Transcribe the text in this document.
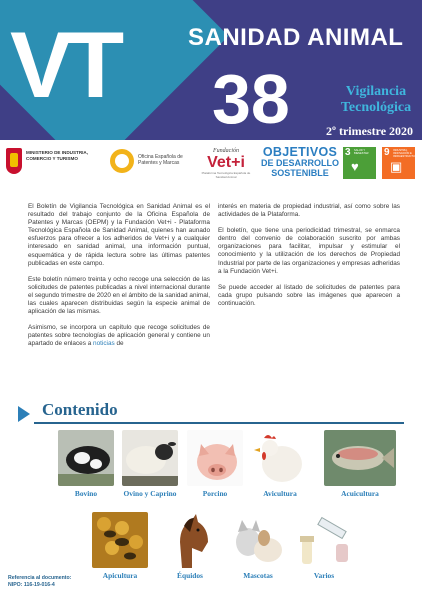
VT	SANIDAD ANIMAL
38	Vigilancia
Tecnológica
2º trimestre 2020
MINISTERIO DE INDUSTRIA, COMERCIO Y TURISMO	Oficina Española de Patentes y Marcas
Fundación
Vet+i
Plataforma Tecnológica Española de Sanidad Animal
OBJETIVOS
DE DESARROLLO
SOSTENIBLE
3 SALUD Y BIENESTAR
♥
9 INDUSTRIA, INNOVACIÓN E INFRAESTRUCTURA
▣

El Boletín de Vigilancia Tecnológica en Sanidad Animal es el resultado del trabajo conjunto de la Oficina Española de Patentes y Marcas (OEPM) y la Fundación Vet+i - Plataforma Tecnológica Española de Sanidad Animal, quienes han aunado esfuerzos para ofrecer a los adheridos de Vet+i y a cualquier interesado en sanidad animal, una información puntual, esquemática y de rápida lectura sobre las últimas patentes publicadas en este campo.

Este boletín número treinta y ocho recoge una selección de las solicitudes de patentes publicadas a nivel internacional durante el segundo trimestre de 2020 en el ámbito de la sanidad animal, las cuales aparecen distribuidas según la especie animal de aplicación de las mismas.

Asimismo, se incorpora un capítulo que recoge solicitudes de patentes sobre tecnologías de aplicación general y contiene un apartado de enlaces a noticias de

interés en materia de propiedad industrial, así como sobre las actividades de la Plataforma.

El boletín, que tiene una periodicidad trimestral, se enmarca dentro del convenio de colaboración suscrito por ambas organizaciones para facilitar, impulsar y estimular el conocimiento y la utilización de los derechos de Propiedad Industrial por parte de las organizaciones y empresas adheridas a la Fundación Vet+i.

Se puede acceder al listado de solicitudes de patentes para cada grupo pulsando sobre las imágenes que aparecen a continuación.

Contenido
Bovino	Ovino y Caprino	Porcino	Avicultura	Acuicultura
Apicultura	Équidos	Mascotas	Varios
Referencia al documento:
NIPO: 116-19-016-4
